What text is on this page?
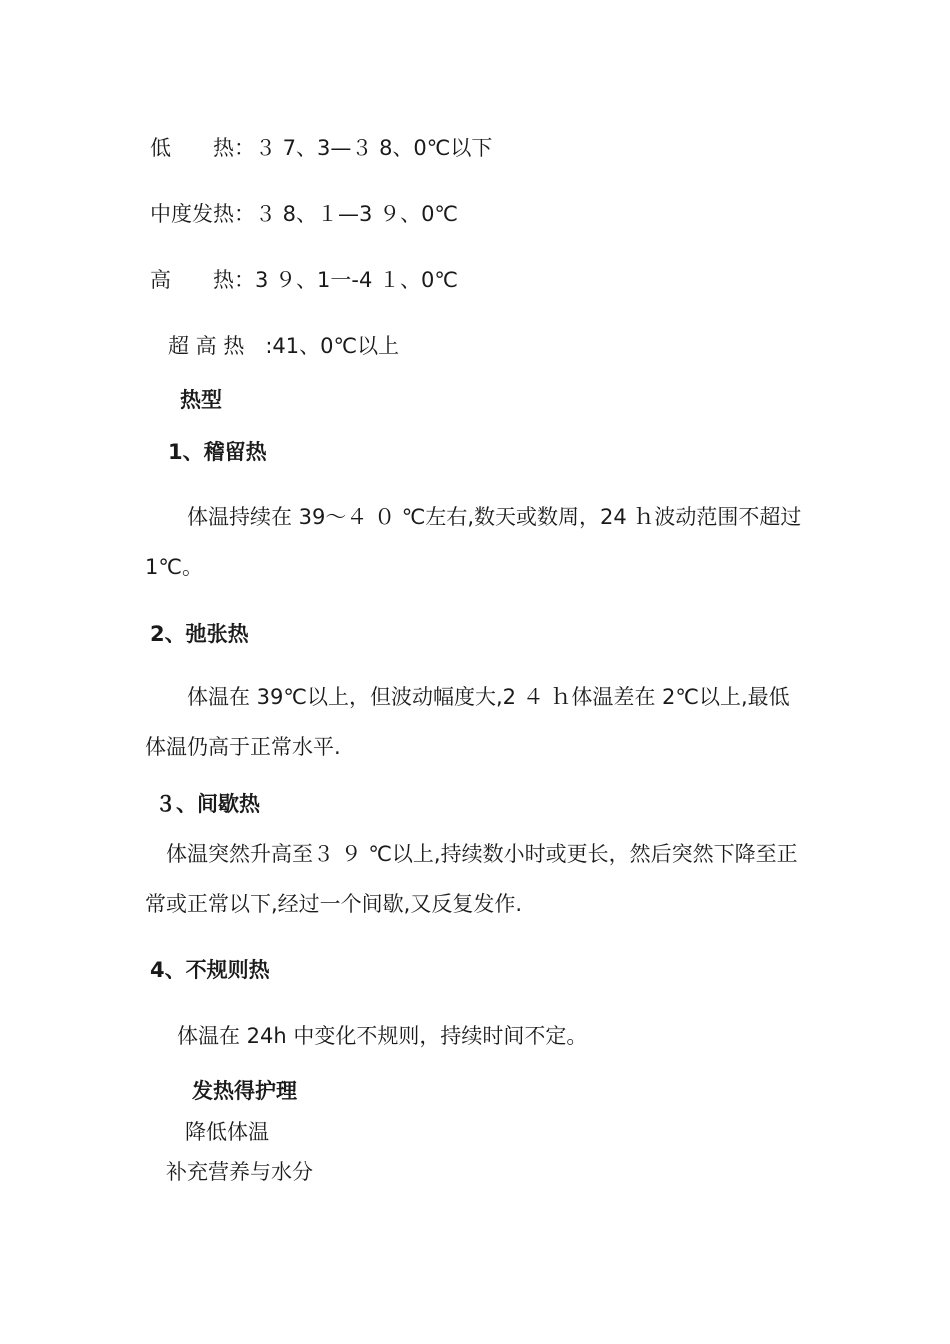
低　　热：３ 7、3—３ 8、0℃以下
中度发热：３ 8、１—3 ９、0℃
高　　热：3 ９、1一-4 １、0℃
超 高 热　:41、0℃以上
热型
1、稽留热
　　体温持续在 39～４ ０ ℃左右,数天或数周，24 ｈ波动范围不超过 1℃。
2、弛张热
　　体温在 39℃以上，但波动幅度大,2 ４ ｈ体温差在 2℃以上,最低体温仍高于正常水平.
３、间歇热
　体温突然升高至３ ９ ℃以上,持续数小时或更长，然后突然下降至正常或正常以下,经过一个间歇,又反复发作.
4、不规则热
体温在 24h 中变化不规则，持续时间不定。
发热得护理
降低体温
补充营养与水分
